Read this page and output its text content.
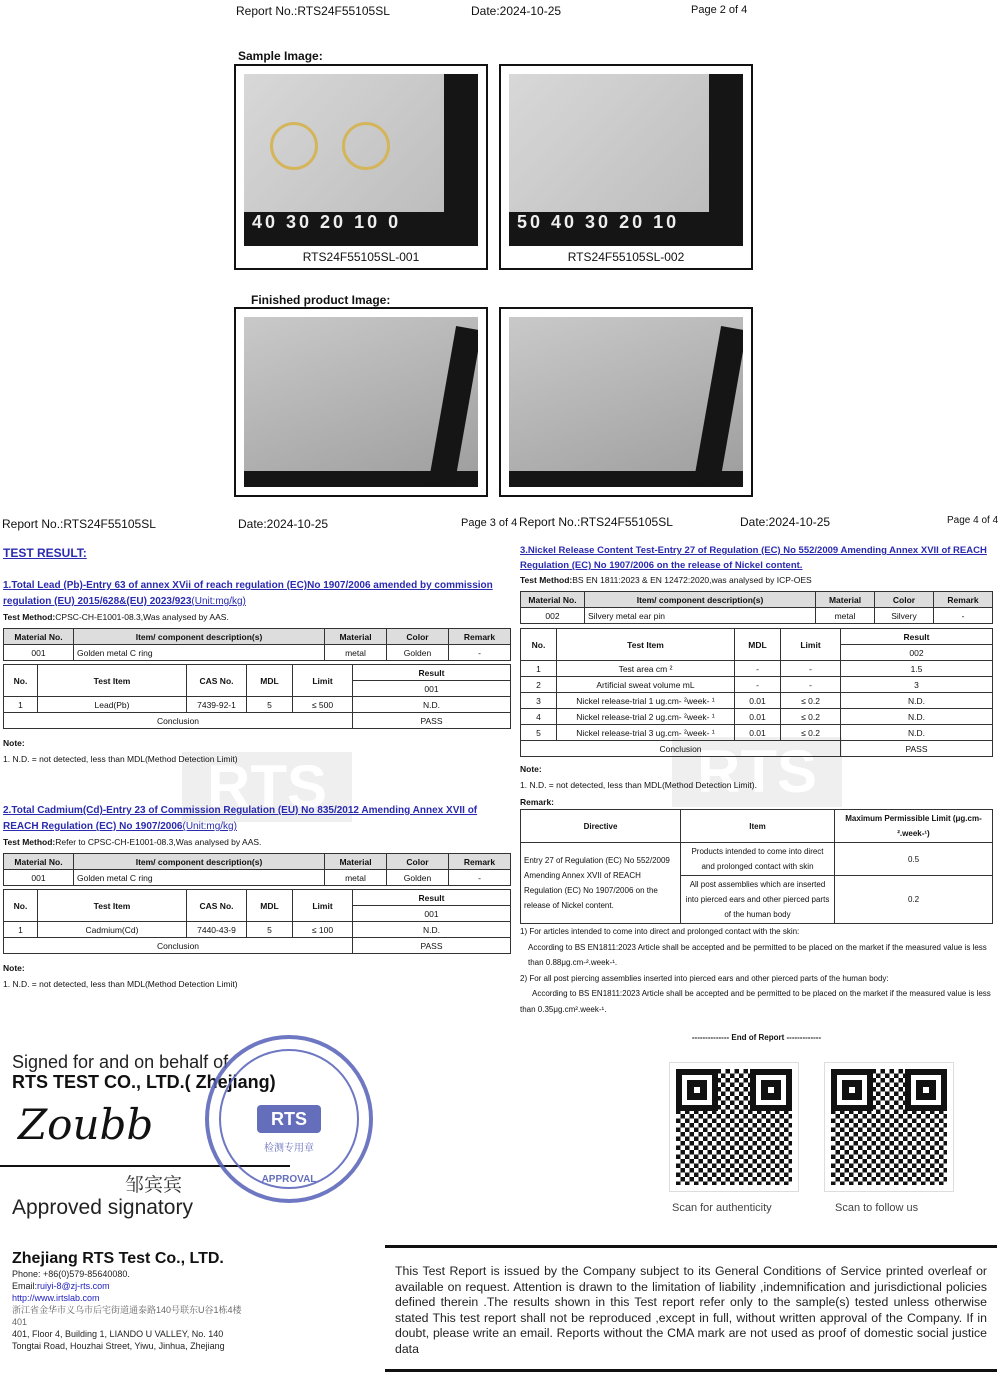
Report No.:RTS24F55105SL	Date:2024-10-25	Page 2 of 4
Sample Image:
40 30 20 10 0
RTS24F55105SL-001
50 40 30 20 10
RTS24F55105SL-002
Finished product Image:
RTS
Report No.:RTS24F55105SL	Date:2024-10-25	Page 3 of 4
TEST RESULT:
1.Total Lead (Pb)-Entry 63 of annex XVii of reach regulation (EC)No 1907/2006 amended by commission regulation (EU) 2015/628&(EU) 2023/923(Unit:mg/kg)
Test Method:CPSC-CH-E1001-08.3,Was analysed by AAS.
Material No.	Item/ component description(s)	Material	Color	Remark
001	Golden metal C ring	metal	Golden	-
No.	Test Item	CAS No.	MDL	Limit	Result
					001
1	Lead(Pb)	7439-92-1	5	≤ 500	N.D.
Conclusion					PASS
Note:
1. N.D. = not detected, less than MDL(Method Detection Limit)
2.Total Cadmium(Cd)-Entry 23 of Commission Regulation (EU) No 835/2012 Amending Annex XVII of REACH Regulation (EC) No 1907/2006(Unit:mg/kg)
Test Method:Refer to CPSC-CH-E1001-08.3,Was analysed by AAS.
Material No.	Item/ component description(s)	Material	Color	Remark
001	Golden metal C ring	metal	Golden	-
No.	Test Item	CAS No.	MDL	Limit	Result
					001
1	Cadmium(Cd)	7440-43-9	5	≤ 100	N.D.
Conclusion					PASS
Note:
1. N.D. = not detected, less than MDL(Method Detection Limit)
Report No.:RTS24F55105SL	Date:2024-10-25	Page 4 of 4
3.Nickel Release Content Test-Entry 27 of Regulation (EC) No 552/2009 Amending Annex XVII of REACH Regulation (EC) No 1907/2006 on the release of Nickel content.
Test Method:BS EN 1811:2023 & EN 12472:2020,was analysed by ICP-OES
Material No.	Item/ component description(s)	Material	Color	Remark
002	Silvery metal ear pin	metal	Silvery	-
No.	Test Item	MDL	Limit	Result
				002
1	Test area cm ²	-	-	1.5
2	Artificial sweat volume mL	-	-	3
3	Nickel release-trial 1 ug.cm- ²week- ¹	0.01	≤ 0.2	N.D.
4	Nickel release-trial 2 ug.cm- ²week- ¹	0.01	≤ 0.2	N.D.
5	Nickel release-trial 3 ug.cm- ²week- ¹	0.01	≤ 0.2	N.D.
Conclusion				PASS
Note:
1. N.D. = not detected, less than MDL(Method Detection Limit).
Remark:
Directive	Item	Maximum Permissible Limit (μg.cm-².week-¹)
Entry 27 of Regulation (EC) No 552/2009 Amending Annex XVII of REACH Regulation (EC) No 1907/2006 on the release of Nickel content.	Products intended to come into direct and prolonged contact with skin	0.5
	All post assemblies which are inserted into pierced ears and other pierced parts of the human body	0.2
1) For articles intended to come into direct and prolonged contact with the skin:
According to BS EN1811:2023 Article shall be accepted and be permitted to be placed on the market if the measured value is less than 0.88μg.cm-².week-¹.
2) For all post piercing assemblies inserted into pierced ears and other pierced parts of the human body:
According to BS EN1811:2023 Article shall be accepted and be permitted to be placed on the market if the measured value is less than 0.35μg.cm².week-¹.
-------------- End of Report -------------
RTS
Scan for authenticity	Scan to follow us
Signed for and on behalf of
RTS TEST CO., LTD.( Zhejiang)
Zoubb
邹宾宾
Approved signatory
RTS
检测专用章
APPROVAL
Zhejiang RTS Test Co., LTD.
Phone: +86(0)579-85640080.
Email:ruiyi-8@zj-rts.com
http://www.irtslab.com
浙江省金华市义乌市后宅街道通泰路140号联东U谷1栋4楼401
401, Floor 4, Building 1, LIANDO U VALLEY, No. 140 Tongtai Road, Houzhai Street, Yiwu, Jinhua, Zhejiang
This Test Report is issued by the Company subject to its General Conditions of Service printed overleaf or available on request. Attention is drawn to the limitation of liability ,indemnification and jurisdictional policies defined therein .The results shown in this Test report refer only to the sample(s) tested unless otherwise stated This test report shall not be reproduced ,except in full, without written approval of the Company. If in doubt, please write an email. Reports without the CMA mark are not used as proof of domestic social justice data
